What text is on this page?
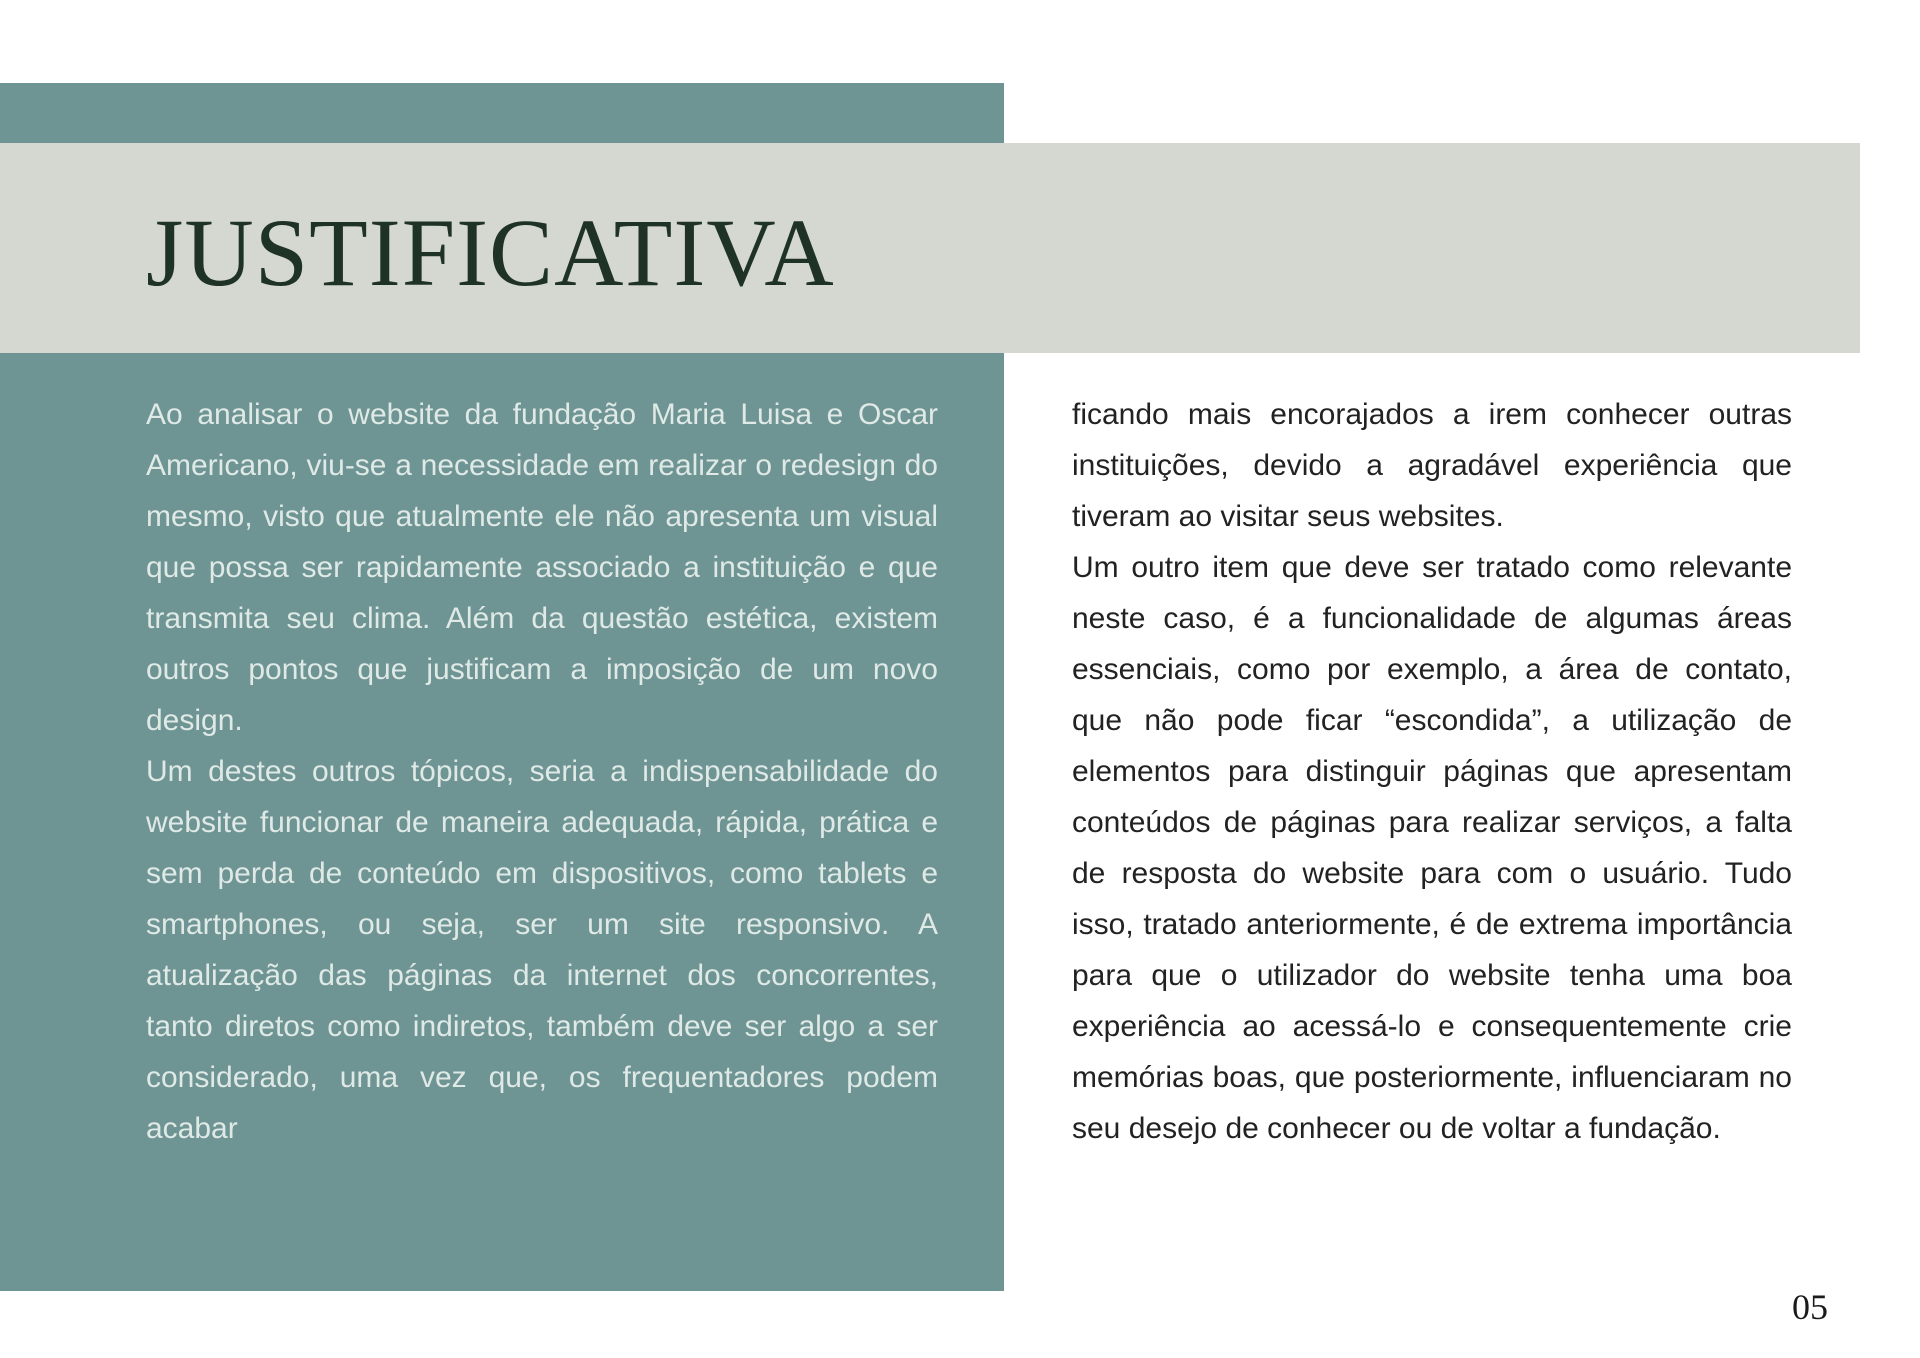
JUSTIFICATIVA

Ao analisar o website da fundação Maria Luisa e Oscar Americano, viu-se a necessidade em realizar o redesign do mesmo, visto que atualmente ele não apresenta um visual que possa ser rapidamente associado a instituição e que transmita seu clima. Além da questão estética, existem outros pontos que justificam a imposição de um novo design.

Um destes outros tópicos, seria a indispensabilidade do website funcionar de maneira adequada, rápida, prática e sem perda de conteúdo em dispositivos, como tablets e smartphones, ou seja, ser um site responsivo. A atualização das páginas da internet dos concorrentes, tanto diretos como indiretos, também deve ser algo a ser considerado, uma vez que, os frequentadores podem acabar

ficando mais encorajados a irem conhecer outras instituições, devido a agradável experiência que tiveram ao visitar seus websites.

Um outro item que deve ser tratado como relevante neste caso, é a funcionalidade de algumas áreas essenciais, como por exemplo, a área de contato, que não pode ficar “escondida”, a utilização de elementos para distinguir páginas que apresentam conteúdos de páginas para realizar serviços, a falta de resposta do website para com o usuário. Tudo isso, tratado anteriormente, é de extrema importância para que o utilizador do website tenha uma boa experiência ao acessá-lo e consequentemente crie memórias boas, que posteriormente, influenciaram no seu desejo de conhecer ou de voltar a fundação.

05
